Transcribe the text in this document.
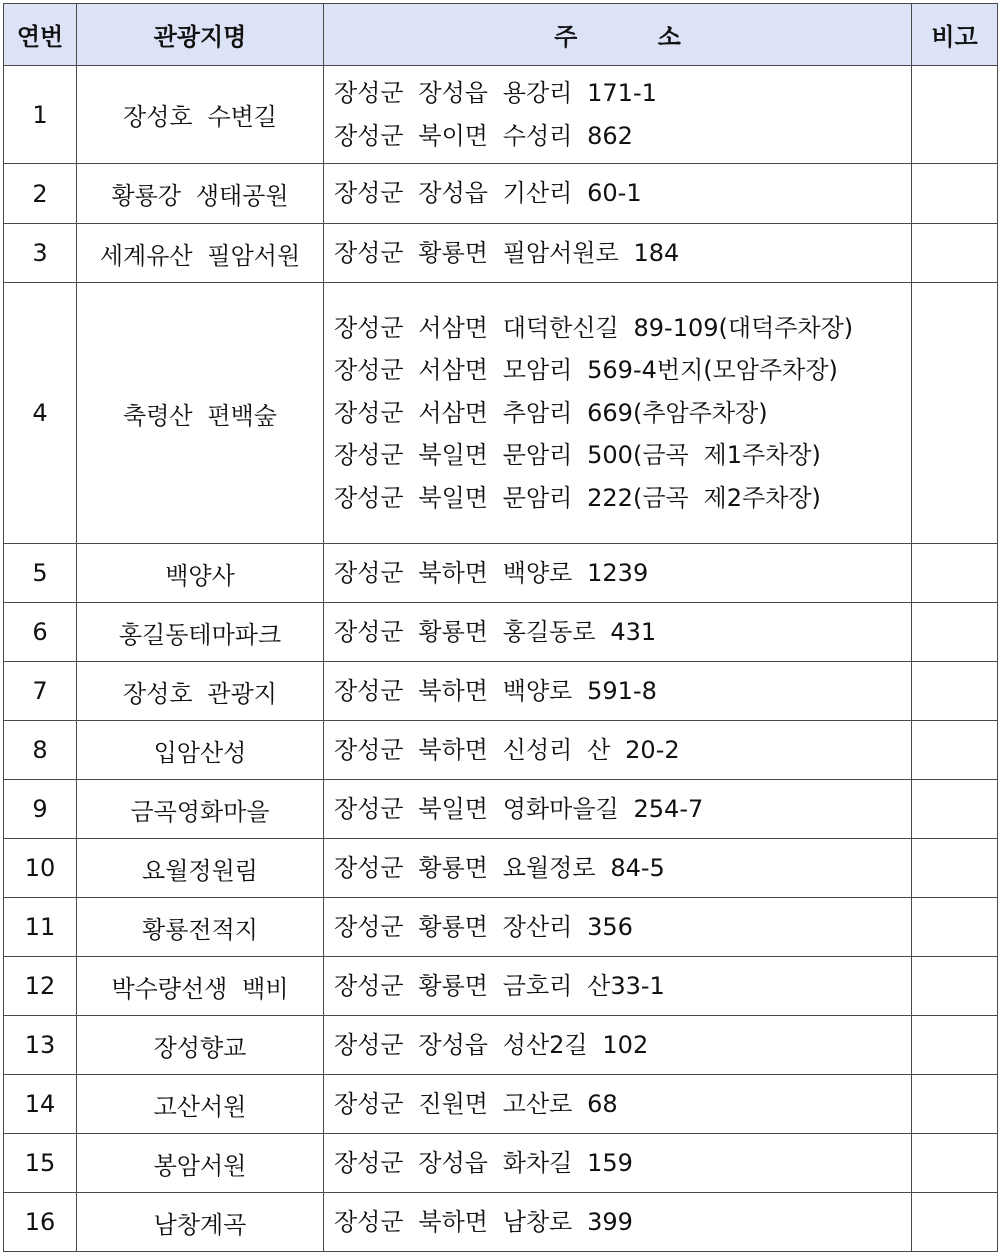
연번	관광지명	주 소	비고
1	장성호 수변길	장성군 장성읍 용강리 171-1
장성군 북이면 수성리 862	

2	황룡강 생태공원	장성군 장성읍 기산리 60-1	

3	세계유산 필암서원	장성군 황룡면 필암서원로 184	

4	축령산 편백숲	장성군 서삼면 대덕한신길 89-109(대덕주차장)
장성군 서삼면 모암리 569-4번지(모암주차장)
장성군 서삼면 추암리 669(추암주차장)
장성군 북일면 문암리 500(금곡 제1주차장)
장성군 북일면 문암리 222(금곡 제2주차장)	

5	백양사	장성군 북하면 백양로 1239	

6	홍길동테마파크	장성군 황룡면 홍길동로 431	

7	장성호 관광지	장성군 북하면 백양로 591-8	

8	입암산성	장성군 북하면 신성리 산 20-2	

9	금곡영화마을	장성군 북일면 영화마을길 254-7	

10	요월정원림	장성군 황룡면 요월정로 84-5	

11	황룡전적지	장성군 황룡면 장산리 356	

12	박수량선생 백비	장성군 황룡면 금호리 산33-1	

13	장성향교	장성군 장성읍 성산2길 102	

14	고산서원	장성군 진원면 고산로 68	

15	봉암서원	장성군 장성읍 화차길 159	

16	남창계곡	장성군 북하면 남창로 399	
